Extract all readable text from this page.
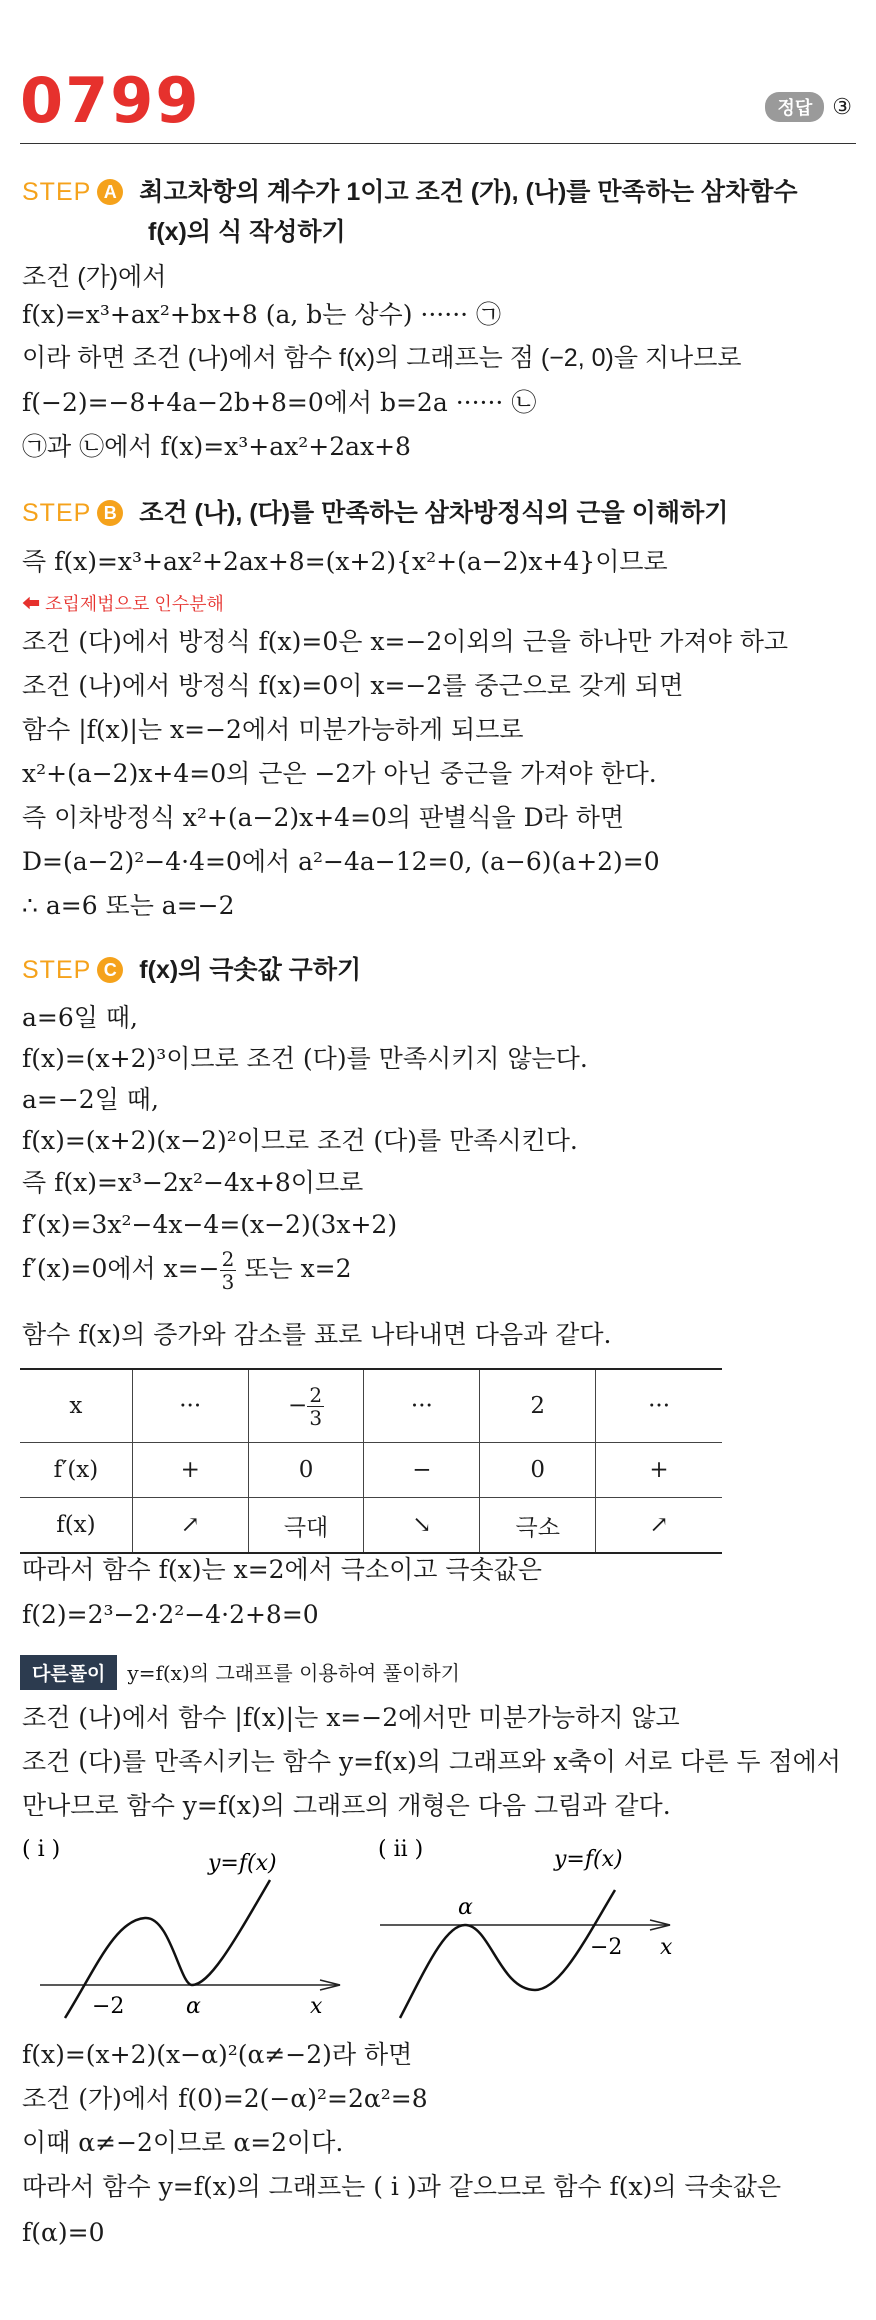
0799	정답 ③
STEP A 최고차항의 계수가 1이고 조건 (가), (나)를 만족하는 삼차함수
f(x)의 식 작성하기
조건 (가)에서
f(x)=x³+ax²+bx+8 (a, b는 상수) ······ ㉠
이라 하면 조건 (나)에서 함수 f(x)의 그래프는 점 (−2, 0)을 지나므로
f(−2)=−8+4a−2b+8=0에서 b=2a ······ ㉡
㉠과 ㉡에서 f(x)=x³+ax²+2ax+8
STEP B 조건 (나), (다)를 만족하는 삼차방정식의 근을 이해하기
즉 f(x)=x³+ax²+2ax+8=(x+2){x²+(a−2)x+4}이므로
⬅ 조립제법으로 인수분해
조건 (다)에서 방정식 f(x)=0은 x=−2이외의 근을 하나만 가져야 하고
조건 (나)에서 방정식 f(x)=0이 x=−2를 중근으로 갖게 되면
함수 |f(x)|는 x=−2에서 미분가능하게 되므로
x²+(a−2)x+4=0의 근은 −2가 아닌 중근을 가져야 한다.
즉 이차방정식 x²+(a−2)x+4=0의 판별식을 D라 하면
D=(a−2)²−4·4=0에서 a²−4a−12=0, (a−6)(a+2)=0
∴ a=6 또는 a=−2
STEP C f(x)의 극솟값 구하기
a=6일 때,
f(x)=(x+2)³이므로 조건 (다)를 만족시키지 않는다.
a=−2일 때,
f(x)=(x+2)(x−2)²이므로 조건 (다)를 만족시킨다.
즉 f(x)=x³−2x²−4x+8이므로
f′(x)=3x²−4x−4=(x−2)(3x+2)
f′(x)=0에서 $x=- \frac{2}{3}$ 또는 x=2
함수 f(x)의 증가와 감소를 표로 나타내면 다음과 같다.
x	···	− $\frac{2}{3}$	···	2	···
f′(x)	+	0	−	0	+
f(x)	↗	극대	↘	극소	↗
따라서 함수 f(x)는 x=2에서 극소이고 극솟값은
f(2)=2³−2·2²−4·2+8=0
다른풀이 y=f(x)의 그래프를 이용하여 풀이하기
조건 (나)에서 함수 |f(x)|는 x=−2에서만 미분가능하지 않고
조건 (다)를 만족시키는 함수 y=f(x)의 그래프와 x축이 서로 다른 두 점에서
만나므로 함수 y=f(x)의 그래프의 개형은 다음 그림과 같다.
( i )
y=f(x)
−2	α	x
( ii )	y=f(x)
α
−2 x
f(x)=(x+2)(x−α)²(α≠−2)라 하면
조건 (가)에서 f(0)=2(−α)²=2α²=8
이때 α≠−2이므로 α=2이다.
따라서 함수 y=f(x)의 그래프는 ( i )과 같으므로 함수 f(x)의 극솟값은
f(α)=0
